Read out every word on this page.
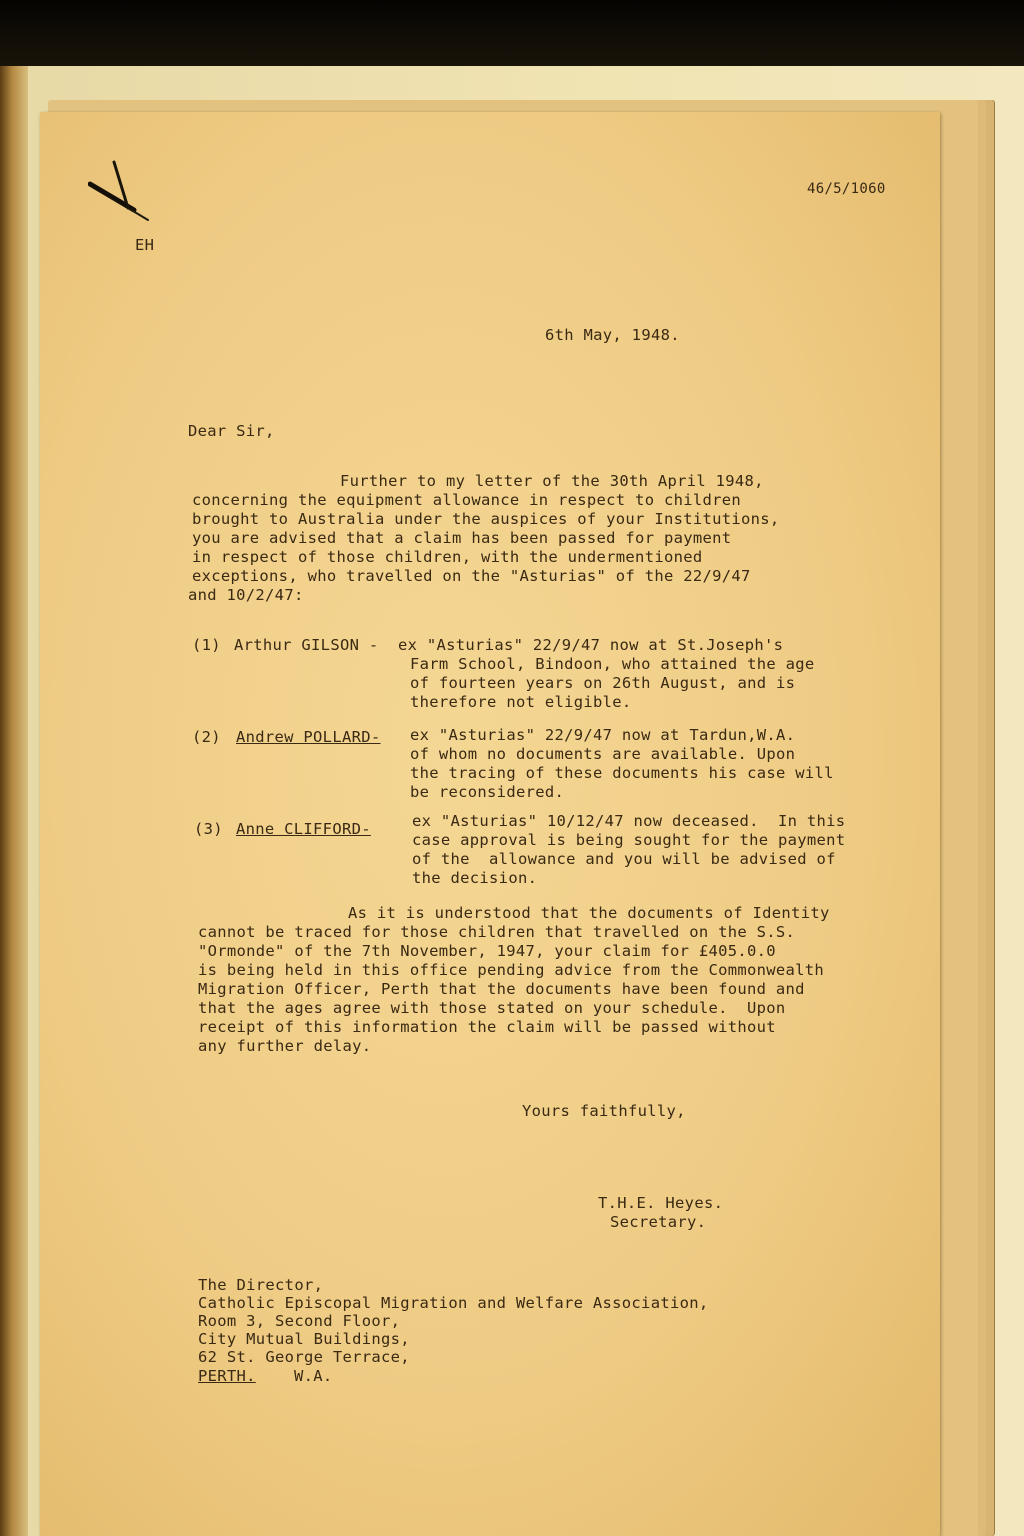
46/5/1060

EH

6th May, 1948.

Dear Sir,

Further to my letter of the 30th April 1948,

concerning the equipment allowance in respect to children

brought to Australia under the auspices of your Institutions,

you are advised that a claim has been passed for payment

in respect of those children, with the undermentioned

exceptions, who travelled on the "Asturias" of the 22/9/47

and 10/2/47:

(1) Arthur GILSON - ex "Asturias" 22/9/47 now at St.Joseph's

Farm School, Bindoon, who attained the age

of fourteen years on 26th August, and is

therefore not eligible.

(2) Andrew POLLARD- ex "Asturias" 22/9/47 now at Tardun,W.A.

of whom no documents are available. Upon

the tracing of these documents his case will

be reconsidered.

(3) Anne CLIFFORD-	ex "Asturias" 10/12/47 now deceased.  In this

case approval is being sought for the payment

of the  allowance and you will be advised of

the decision.

As it is understood that the documents of Identity

cannot be traced for those children that travelled on the S.S.

"Ormonde" of the 7th November, 1947, your claim for £405.0.0

is being held in this office pending advice from the Commonwealth

Migration Officer, Perth that the documents have been found and

that the ages agree with those stated on your schedule.  Upon

receipt of this information the claim will be passed without

any further delay.

Yours faithfully,

T.H.E. Heyes.

Secretary.

The Director,

Catholic Episcopal Migration and Welfare Association,

Room 3, Second Floor,

City Mutual Buildings,

62 St. George Terrace,

PERTH. W.A.
